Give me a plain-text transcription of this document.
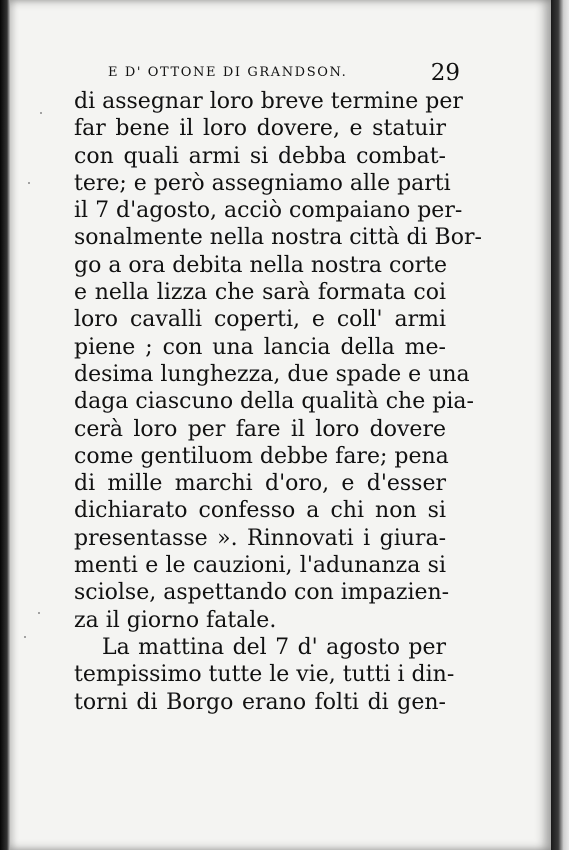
E D' OTTONE DI GRANDSON.	29
di assegnar loro breve termine per
far bene il loro dovere, e statuir
con quali armi si debba combat-
tere; e però assegniamo alle parti
il 7 d'agosto, acciò compaiano per-
sonalmente nella nostra città di Bor-
go a ora debita nella nostra corte
e nella lizza che sarà formata coi
loro cavalli coperti, e coll' armi
piene ; con una lancia della me-
desima lunghezza, due spade e una
daga ciascuno della qualità che pia-
cerà loro per fare il loro dovere
come gentiluom debbe fare; pena
di mille marchi d'oro, e d'esser
dichiarato confesso a chi non si
presentasse ». Rinnovati i giura-
menti e le cauzioni, l'adunanza si
sciolse, aspettando con impazien-
za il giorno fatale.
La mattina del 7 d' agosto per
tempissimo tutte le vie, tutti i din-
torni di Borgo erano folti di gen-
